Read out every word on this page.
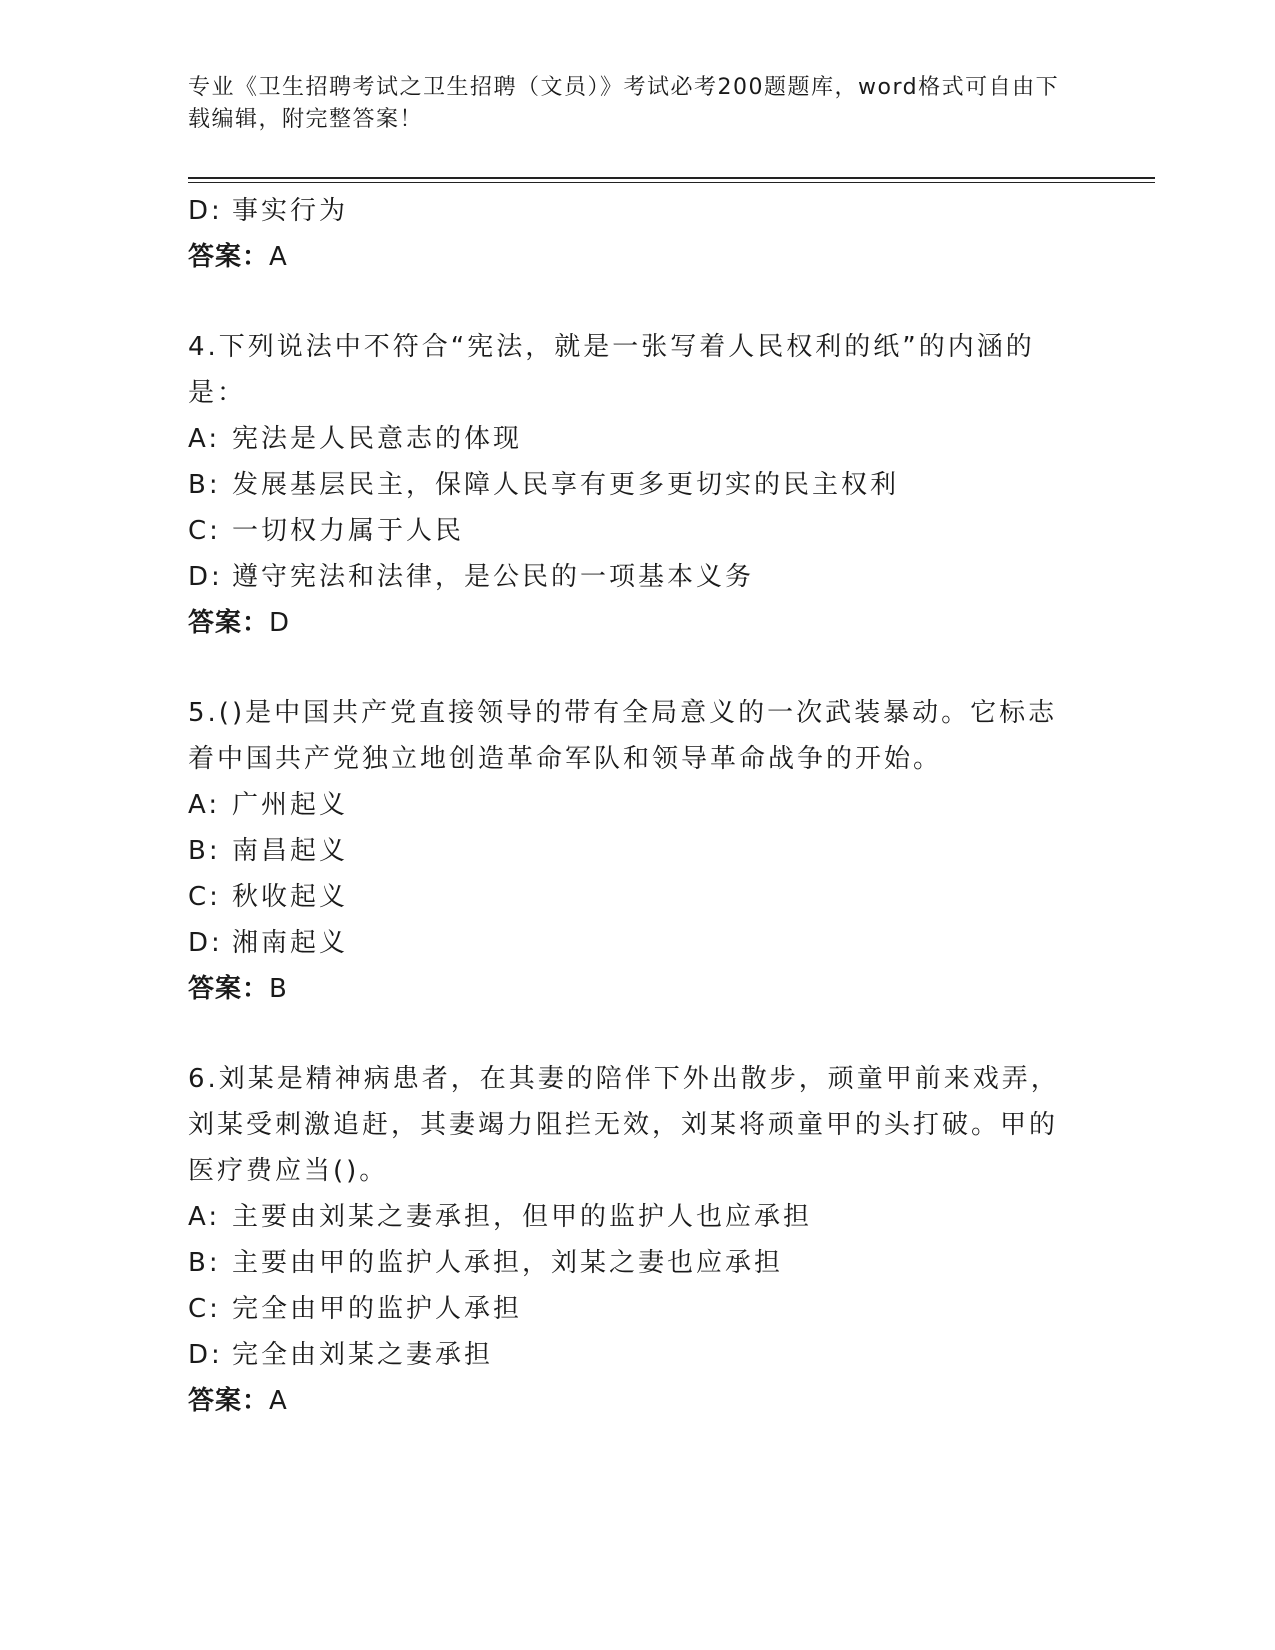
专业《卫生招聘考试之卫生招聘（文员）》考试必考200题题库，word格式可自由下载编辑，附完整答案！
D: 事实行为
答案：A
4.下列说法中不符合“宪法，就是一张写着人民权利的纸”的内涵的是：
A: 宪法是人民意志的体现
B: 发展基层民主，保障人民享有更多更切实的民主权利
C: 一切权力属于人民
D: 遵守宪法和法律，是公民的一项基本义务
答案：D
5.()是中国共产党直接领导的带有全局意义的一次武装暴动。它标志着中国共产党独立地创造革命军队和领导革命战争的开始。
A: 广州起义
B: 南昌起义
C: 秋收起义
D: 湘南起义
答案：B
6.刘某是精神病患者，在其妻的陪伴下外出散步，顽童甲前来戏弄，刘某受刺激追赶，其妻竭力阻拦无效，刘某将顽童甲的头打破。甲的医疗费应当()。
A: 主要由刘某之妻承担，但甲的监护人也应承担
B: 主要由甲的监护人承担，刘某之妻也应承担
C: 完全由甲的监护人承担
D: 完全由刘某之妻承担
答案：A
